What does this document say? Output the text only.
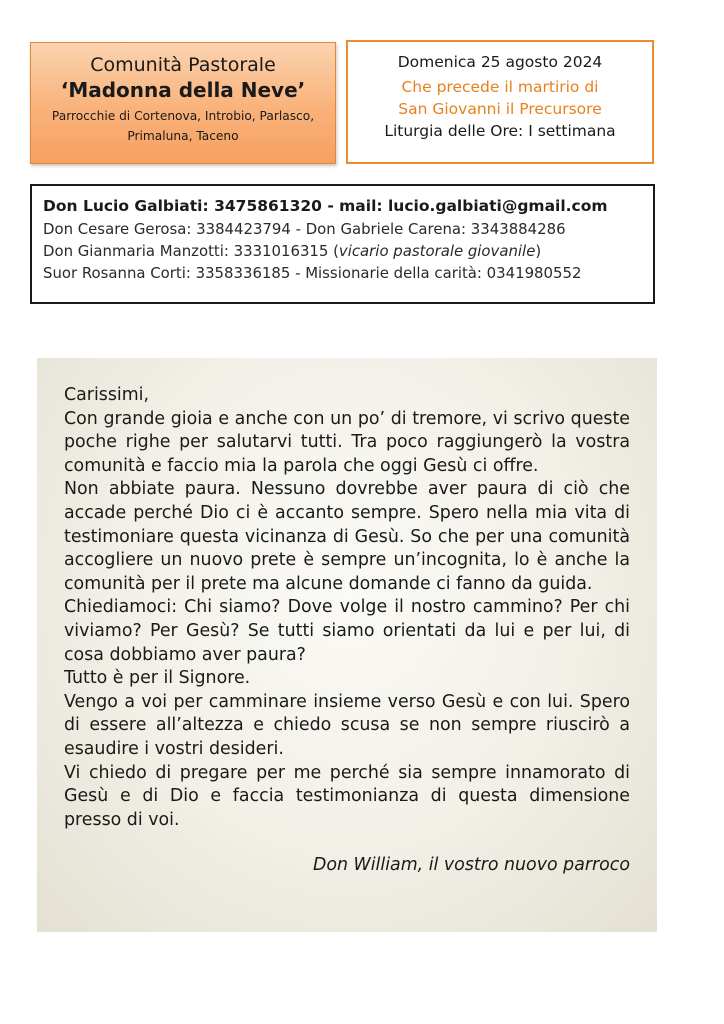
Comunità Pastorale
‘Madonna della Neve’
Parrocchie di Cortenova, Introbio, Parlasco, Primaluna, Taceno
Domenica 25 agosto 2024
Che precede il martirio di
San Giovanni il Precursore
Liturgia delle Ore: I settimana
Don Lucio Galbiati: 3475861320 - mail: lucio.galbiati@gmail.com
Don Cesare Gerosa: 3384423794 - Don Gabriele Carena: 3343884286
Don Gianmaria Manzotti: 3331016315 (vicario pastorale giovanile)
Suor Rosanna Corti: 3358336185 - Missionarie della carità: 0341980552

Carissimi,

Con grande gioia e anche con un po’ di tremore, vi scrivo queste poche righe per salutarvi tutti. Tra poco raggiungerò la vostra comunità e faccio mia la parola che oggi Gesù ci offre.

Non abbiate paura. Nessuno dovrebbe aver paura di ciò che accade perché Dio ci è accanto sempre. Spero nella mia vita di testimoniare questa vicinanza di Gesù. So che per una comunità accogliere un nuovo prete è sempre un’incognita, lo è anche la comunità per il prete ma alcune domande ci fanno da guida.

Chiediamoci: Chi siamo? Dove volge il nostro cammino? Per chi viviamo? Per Gesù? Se tutti siamo orientati da lui e per lui, di cosa dobbiamo aver paura?

Tutto è per il Signore.

Vengo a voi per camminare insieme verso Gesù e con lui. Spero di essere all’altezza e chiedo scusa se non sempre riuscirò a esaudire i vostri desideri.

Vi chiedo di pregare per me perché sia sempre innamorato di Gesù e di Dio e faccia testimonianza di questa dimensione presso di voi.

Don William, il vostro nuovo parroco
